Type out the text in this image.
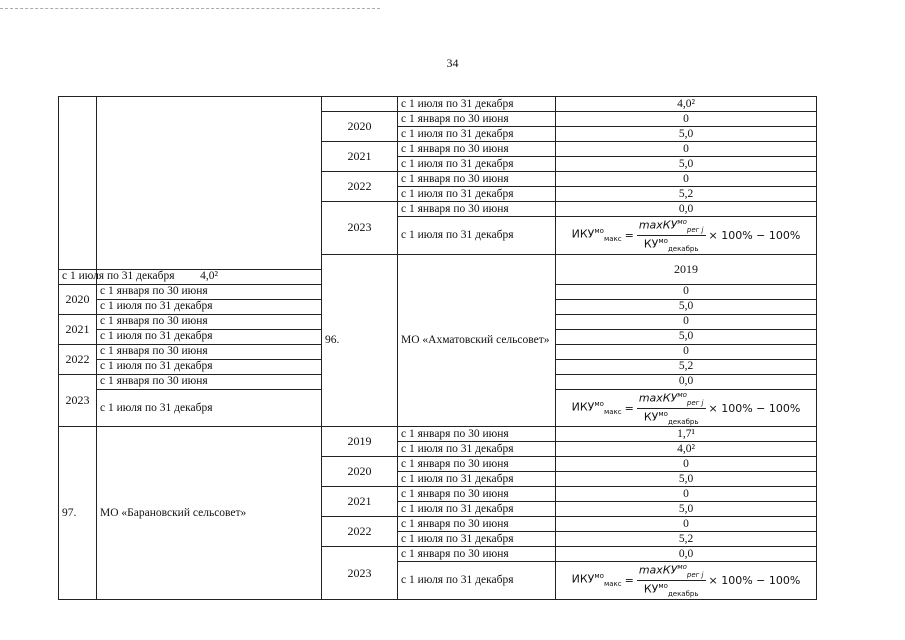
34
			с 1 июля по 31 декабря	4,0²	
		2020	с 1 января по 30 июня	0	
			с 1 июля по 31 декабря	5,0	
		2021	с 1 января по 30 июня	0	
			с 1 июля по 31 декабря	5,0	
		2022	с 1 января по 30 июня	0	
			с 1 июля по 31 декабря	5,2	
		2023	с 1 января по 30 июня	0,0	
			с 1 июля по 31 декабря	$ИКУ^{мо}_{макс} = \frac{\max КУ^{мо}_{рег j}}{КУ^{мо}_{декабрь}} \times 100\% - 100\%$	

		96.	МО «Ахматовский сельсовет»	2019		
с 1 июля по 31 декабря	4,0²				
2020	с 1 января по 30 июня			0	
	с 1 июля по 31 декабря			5,0	
2021	с 1 января по 30 июня			0	
	с 1 июля по 31 декабря			5,0	
2022	с 1 января по 30 июня			0	
	с 1 июля по 31 декабря			5,2	
2023	с 1 января по 30 июня			0,0	
	с 1 июля по 31 декабря			$ИКУ^{мо}_{макс} = \frac{\max КУ^{мо}_{рег j}}{КУ^{мо}_{декабрь}} \times 100\% - 100\%$	

97.	МО «Барановский сельсовет»	2019	с 1 января по 30 июня	1,7¹	
			с 1 июля по 31 декабря	4,0²	
		2020	с 1 января по 30 июня	0	
			с 1 июля по 31 декабря	5,0	
		2021	с 1 января по 30 июня	0	
			с 1 июля по 31 декабря	5,0	
		2022	с 1 января по 30 июня	0	
			с 1 июля по 31 декабря	5,2	
		2023	с 1 января по 30 июня	0,0	
			с 1 июля по 31 декабря	$ИКУ^{мо}_{макс} = \frac{\max КУ^{мо}_{рег j}}{КУ^{мо}_{декабрь}} \times 100\% - 100\%$	
